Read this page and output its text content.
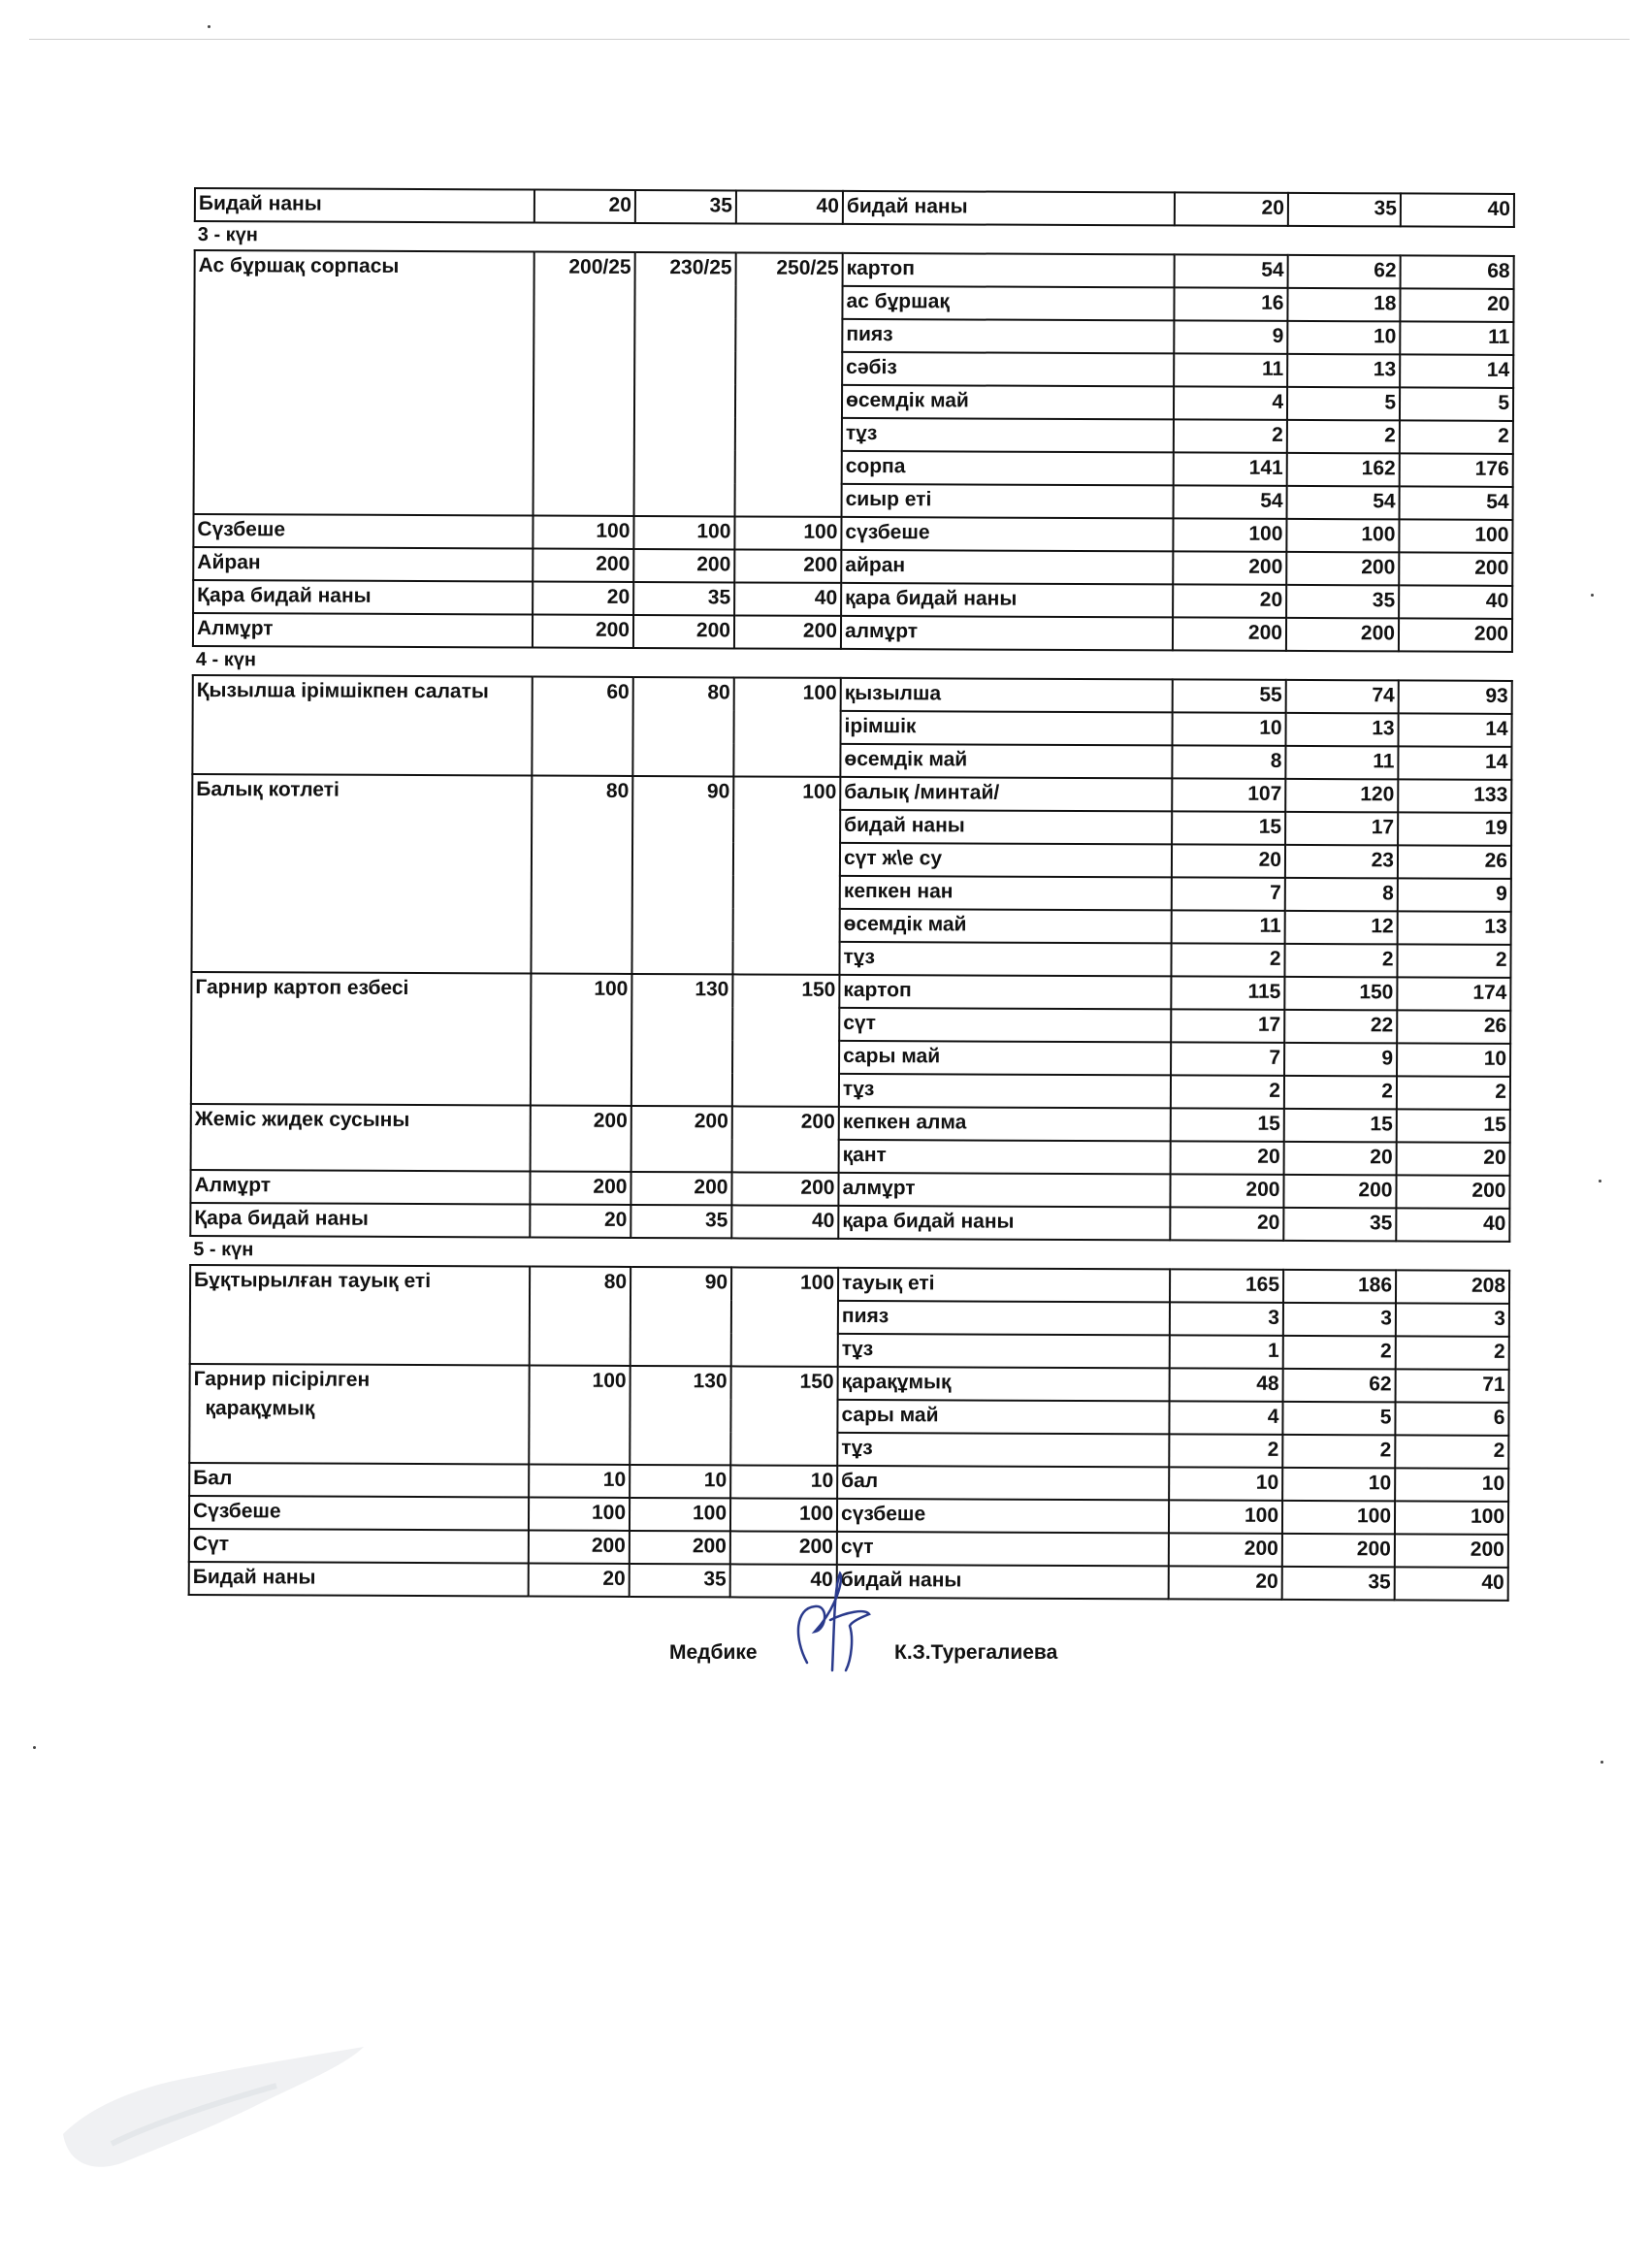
Бидай наны	20	35	40	бидай наны	20	35	40
3 - күн							
Ас бұршақ сорпасы	200/25	230/25	250/25	картоп	54	62	68
				ас бұршақ	16	18	20
				пияз	9	10	11
				сәбіз	11	13	14
				өсемдік май	4	5	5
				тұз	2	2	2
				сорпа	141	162	176
				сиыр еті	54	54	54
Сүзбеше	100	100	100	сүзбеше	100	100	100
Айран	200	200	200	айран	200	200	200
Қара бидай наны	20	35	40	қара бидай наны	20	35	40
Алмұрт	200	200	200	алмұрт	200	200	200
4 - күн							
Қызылша ірімшікпен салаты	60	80	100	қызылша	55	74	93
				ірімшік	10	13	14
				өсемдік май	8	11	14
Балық котлеті	80	90	100	балық /минтай/	107	120	133
				бидай наны	15	17	19
				сүт ж\е су	20	23	26
				кепкен нан	7	8	9
				өсемдік май	11	12	13
				тұз	2	2	2
Гарнир картоп езбесі	100	130	150	картоп	115	150	174
				сүт	17	22	26
				сары май	7	9	10
				тұз	2	2	2
Жеміс жидек сусыны	200	200	200	кепкен алма	15	15	15
				қант	20	20	20
Алмұрт	200	200	200	алмұрт	200	200	200
Қара бидай наны	20	35	40	қара бидай наны	20	35	40
5 - күн							
Бұқтырылған тауық еті	80	90	100	тауық еті	165	186	208
				пияз	3	3	3
				тұз	1	2	2
Гарнир пісірілген
қарақұмық	100	130	150	қарақұмық	48	62	71
				сары май	4	5	6
				тұз	2	2	2
Бал	10	10	10	бал	10	10	10
Сүзбеше	100	100	100	сүзбеше	100	100	100
Сүт	200	200	200	сүт	200	200	200
Бидай наны	20	35	40	бидай наны	20	35	40
Медбике	К.З.Турегалиева
